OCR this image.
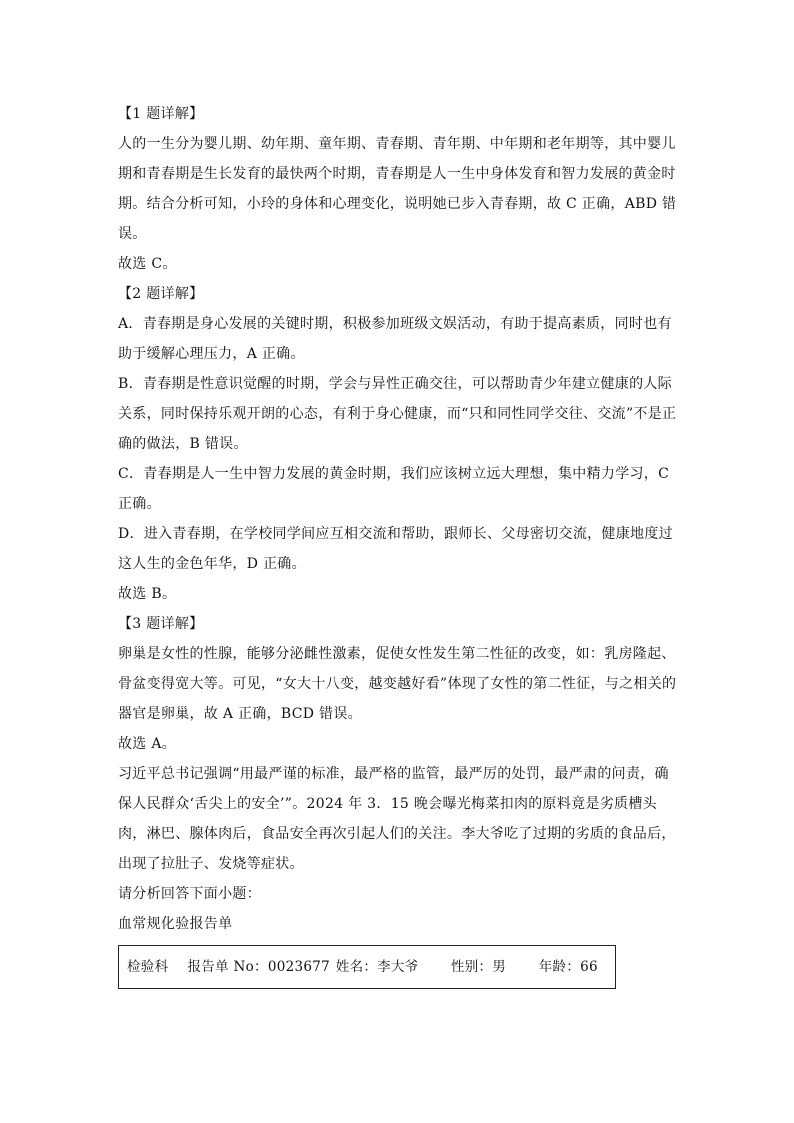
【1 题详解】

人的一生分为婴儿期、幼年期、童年期、青春期、青年期、中年期和老年期等，其中婴儿期和青春期是生长发育的最快两个时期，青春期是人一生中身体发育和智力发展的黄金时期。结合分析可知，小玲的身体和心理变化，说明她已步入青春期，故 C 正确，ABD 错误。

故选 C。

【2 题详解】

A．青春期是身心发展的关键时期，积极参加班级文娱活动，有助于提高素质，同时也有助于缓解心理压力，A 正确。

B．青春期是性意识觉醒的时期，学会与异性正确交往，可以帮助青少年建立健康的人际关系，同时保持乐观开朗的心态，有利于身心健康，而“只和同性同学交往、交流”不是正确的做法，B 错误。

C．青春期是人一生中智力发展的黄金时期，我们应该树立远大理想，集中精力学习，C 正确。

D．进入青春期，在学校同学间应互相交流和帮助，跟师长、父母密切交流，健康地度过这人生的金色年华，D 正确。

故选 B。

【3 题详解】

卵巢是女性的性腺，能够分泌雌性激素，促使女性发生第二性征的改变，如：乳房隆起、骨盆变得宽大等。可见，“女大十八变，越变越好看”体现了女性的第二性征，与之相关的器官是卵巢，故 A 正确，BCD 错误。

故选 A。

习近平总书记强调“用最严谨的标准，最严格的监管，最严厉的处罚，最严肃的问责，确保人民群众‘舌尖上的安全’”。2024 年 3．15 晚会曝光梅菜扣肉的原料竟是劣质槽头肉，淋巴、腺体肉后，食品安全再次引起人们的关注。李大爷吃了过期的劣质的食品后，出现了拉肚子、发烧等症状。

请分析回答下面小题：

血常规化验报告单

检验科	报告单 No：0023677 姓名：李大爷	性别：男	年龄：66
